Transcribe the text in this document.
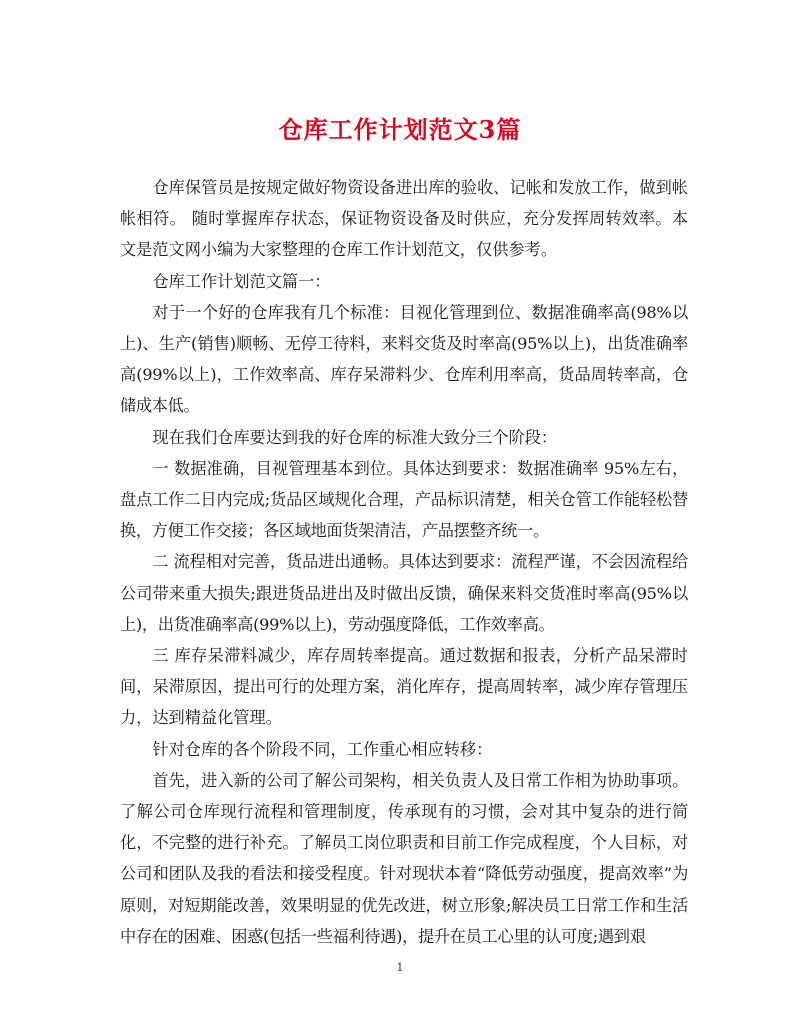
仓库工作计划范文3篇

仓库保管员是按规定做好物资设备进出库的验收、记帐和发放工作，做到帐帐相符。 随时掌握库存状态，保证物资设备及时供应，充分发挥周转效率。本文是范文网小编为大家整理的仓库工作计划范文，仅供参考。

仓库工作计划范文篇一：

对于一个好的仓库我有几个标准：目视化管理到位、数据准确率高(98%以上)、生产(销售)顺畅、无停工待料，来料交货及时率高(95%以上)，出货准确率高(99%以上)，工作效率高、库存呆滞料少、仓库利用率高，货品周转率高，仓储成本低。

现在我们仓库要达到我的好仓库的标准大致分三个阶段：

一 数据准确，目视管理基本到位。具体达到要求：数据准确率 95%左右，盘点工作二日内完成;货品区域规化合理，产品标识清楚，相关仓管工作能轻松替换，方便工作交接；各区域地面货架清洁，产品摆整齐统一。

二 流程相对完善，货品进出通畅。具体达到要求：流程严谨，不会因流程给公司带来重大损失;跟进货品进出及时做出反馈，确保来料交货准时率高(95%以上)，出货准确率高(99%以上)，劳动强度降低，工作效率高。

三 库存呆滞料减少，库存周转率提高。通过数据和报表，分析产品呆滞时间，呆滞原因，提出可行的处理方案，消化库存，提高周转率，减少库存管理压力，达到精益化管理。

针对仓库的各个阶段不同，工作重心相应转移：

首先，进入新的公司了解公司架构，相关负责人及日常工作相为协助事项。了解公司仓库现行流程和管理制度，传承现有的习惯，会对其中复杂的进行简化，不完整的进行补充。了解员工岗位职责和目前工作完成程度，个人目标，对公司和团队及我的看法和接受程度。针对现状本着“降低劳动强度，提高效率”为原则，对短期能改善，效果明显的优先改进，树立形象;解决员工日常工作和生活中存在的困难、困惑(包括一些福利待遇)，提升在员工心里的认可度;遇到艰

1
